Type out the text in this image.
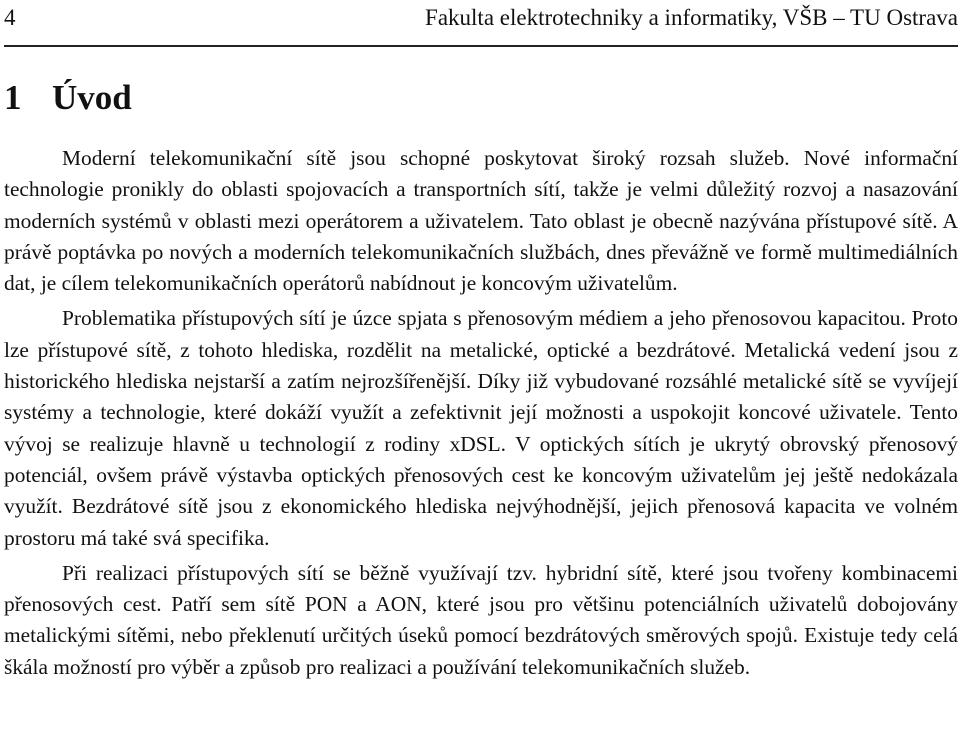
4	Fakulta elektrotechniky a informatiky, VŠB – TU Ostrava
1 Úvod

Moderní telekomunikační sítě jsou schopné poskytovat široký rozsah služeb. Nové informační technologie pronikly do oblasti spojovacích a transportních sítí, takže je velmi důležitý rozvoj a nasazování moderních systémů v oblasti mezi operátorem a uživatelem. Tato oblast je obecně nazývána přístupové sítě. A právě poptávka po nových a moderních telekomunikačních službách, dnes převážně ve formě multimediálních dat, je cílem telekomunikačních operátorů nabídnout je koncovým uživatelům.

Problematika přístupových sítí je úzce spjata s přenosovým médiem a jeho přenosovou kapacitou. Proto lze přístupové sítě, z tohoto hlediska, rozdělit na metalické, optické a bezdrátové. Metalická vedení jsou z historického hlediska nejstarší a zatím nejrozšířenější. Díky již vybudované rozsáhlé metalické sítě se vyvíjejí systémy a technologie, které dokáží využít a zefektivnit její možnosti a uspokojit koncové uživatele. Tento vývoj se realizuje hlavně u technologií z rodiny xDSL. V optických sítích je ukrytý obrovský přenosový potenciál, ovšem právě výstavba optických přenosových cest ke koncovým uživatelům jej ještě nedokázala využít. Bezdrátové sítě jsou z ekonomického hlediska nejvýhodnější, jejich přenosová kapacita ve volném prostoru má také svá specifika.

Při realizaci přístupových sítí se běžně využívají tzv. hybridní sítě, které jsou tvořeny kombinacemi přenosových cest. Patří sem sítě PON a AON, které jsou pro většinu potenciálních uživatelů dobojovány metalickými sítěmi, nebo překlenutí určitých úseků pomocí bezdrátových směrových spojů. Existuje tedy celá škála možností pro výběr a způsob pro realizaci a používání telekomunikačních služeb.
